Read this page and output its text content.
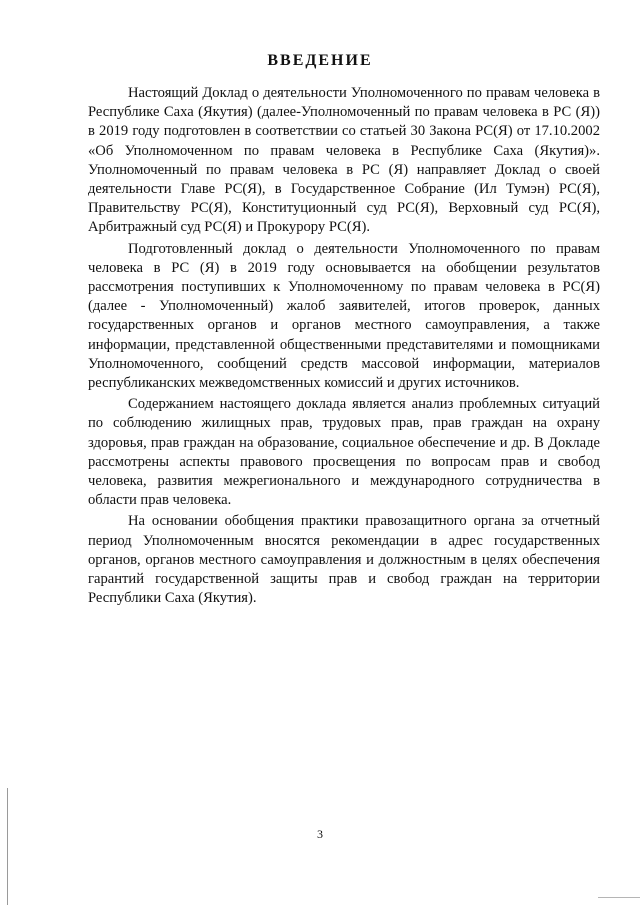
ВВЕДЕНИЕ

Настоящий Доклад о деятельности Уполномоченного по правам человека в Республике Саха (Якутия) (далее-Уполномоченный по правам человека в РС (Я)) в 2019 году подготовлен в соответствии со статьей 30 Закона РС(Я) от 17.10.2002 «Об Уполномоченном по правам человека в Республике Саха (Якутия)». Уполномоченный по правам человека в РС (Я) направляет Доклад о своей деятельности Главе РС(Я), в Государственное Собрание (Ил Тумэн) РС(Я), Правительству РС(Я), Конституционный суд РС(Я), Верховный суд РС(Я), Арбитражный суд РС(Я) и Прокурору РС(Я).

Подготовленный доклад о деятельности Уполномоченного по правам человека в РС (Я) в 2019 году основывается на обобщении результатов рассмотрения поступивших к Уполномоченному по правам человека в РС(Я) (далее - Уполномоченный) жалоб заявителей, итогов проверок, данных государственных органов и органов местного самоуправления, а также информации, представленной общественными представителями и помощниками Уполномоченного, сообщений средств массовой информации, материалов республиканских межведомственных комиссий и других источников.

Содержанием настоящего доклада является анализ проблемных ситуаций по соблюдению жилищных прав, трудовых прав, прав граждан на охрану здоровья, прав граждан на образование, социальное обеспечение и др. В Докладе рассмотрены аспекты правового просвещения по вопросам прав и свобод человека, развития межрегионального и международного сотрудничества в области прав человека.

На основании обобщения практики правозащитного органа за отчетный период Уполномоченным вносятся рекомендации в адрес государственных органов, органов местного самоуправления и должностным в целях обеспечения гарантий государственной защиты прав и свобод граждан на территории Республики Саха (Якутия).

3
